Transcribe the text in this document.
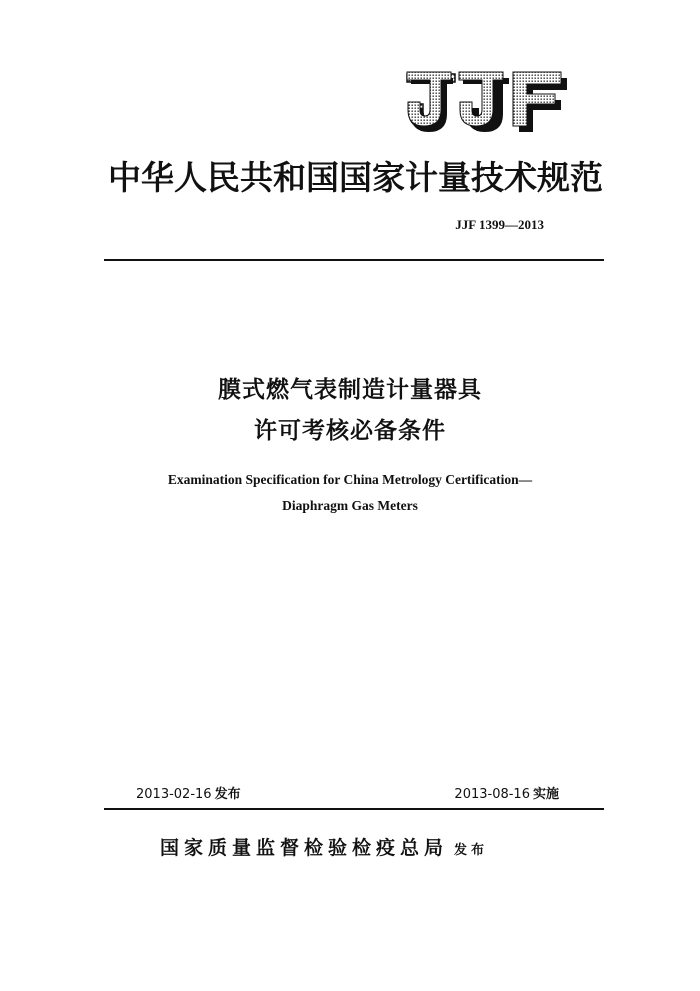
中华人民共和国国家计量技术规范
JJF 1399—2013
膜式燃气表制造计量器具
许可考核必备条件
Examination Specification for China Metrology Certification—
Diaphragm Gas Meters
2013-02-16 发布	2013-08-16 实施
国家质量监督检验检疫总局 发布
